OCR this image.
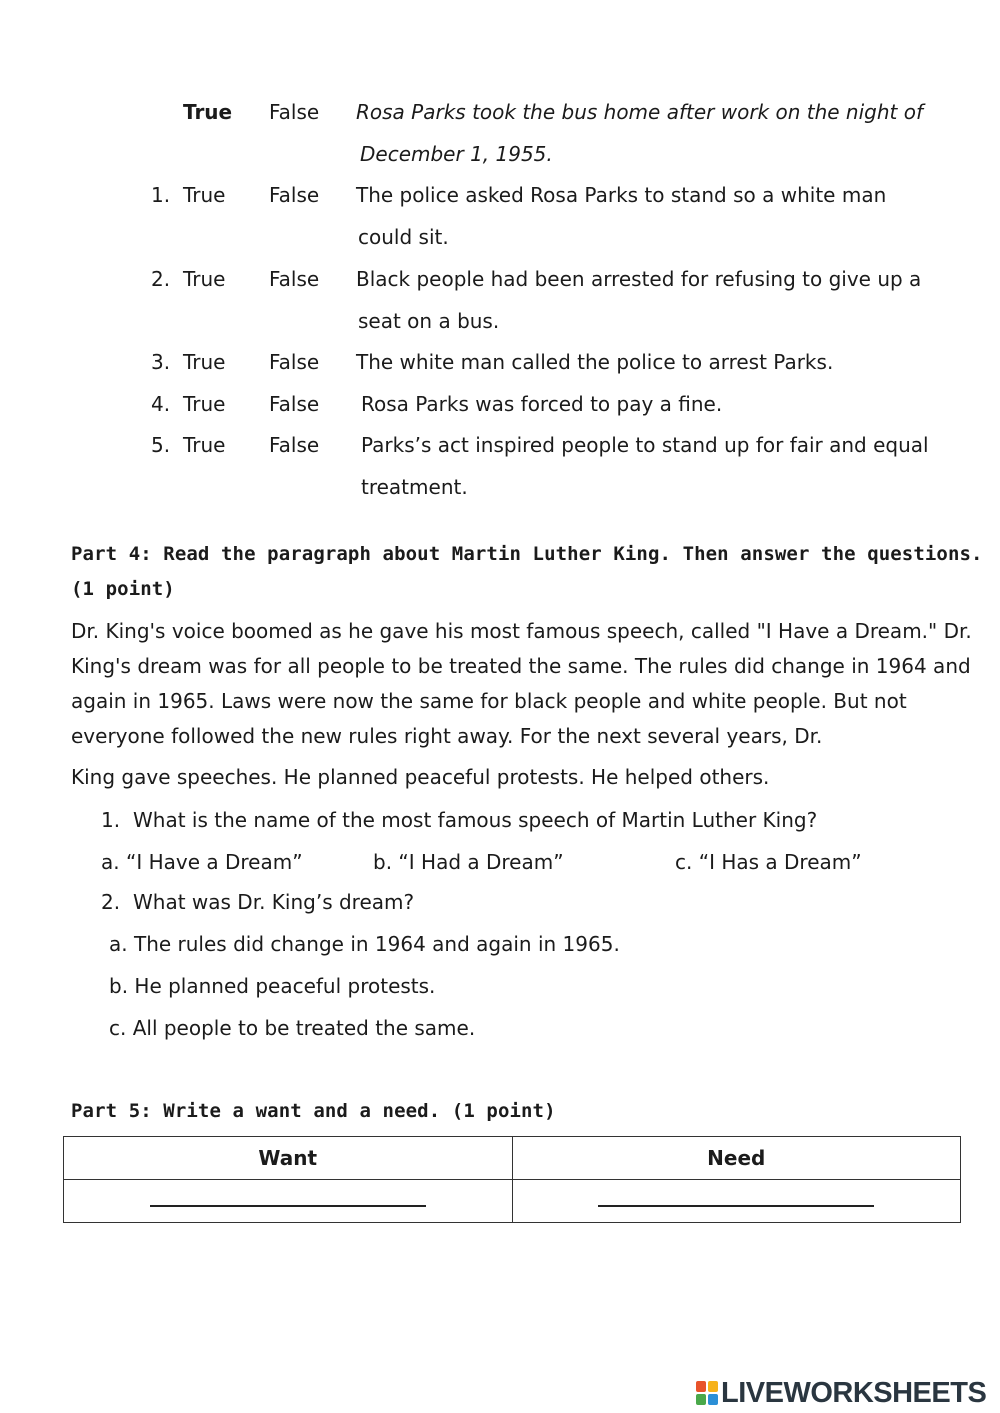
True False Rosa Parks took the bus home after work on the night of
December 1, 1955.
1. True False The police asked Rosa Parks to stand so a white man
could sit.
2. True False Black people had been arrested for refusing to give up a
seat on a bus.
3. True False The white man called the police to arrest Parks.
4. True False Rosa Parks was forced to pay a fine.
5. True False Parks’s act inspired people to stand up for fair and equal
treatment.
Part 4: Read the paragraph about Martin Luther King. Then answer the questions.
(1 point)
Dr. King's voice boomed as he gave his most famous speech, called "I Have a Dream." Dr.
King's dream was for all people to be treated the same. The rules did change in 1964 and
again in 1965. Laws were now the same for black people and white people. But not
everyone followed the new rules right away. For the next several years, Dr.
King gave speeches. He planned peaceful protests. He helped others.
1. What is the name of the most famous speech of Martin Luther King?
a. “I Have a Dream”	b. “I Had a Dream”	c. “I Has a Dream”
2. What was Dr. King’s dream?
a. The rules did change in 1964 and again in 1965.
b. He planned peaceful protests.
c. All people to be treated the same.
Part 5: Write a want and a need. (1 point)
Want	Need

LIVEWORKSHEETS
